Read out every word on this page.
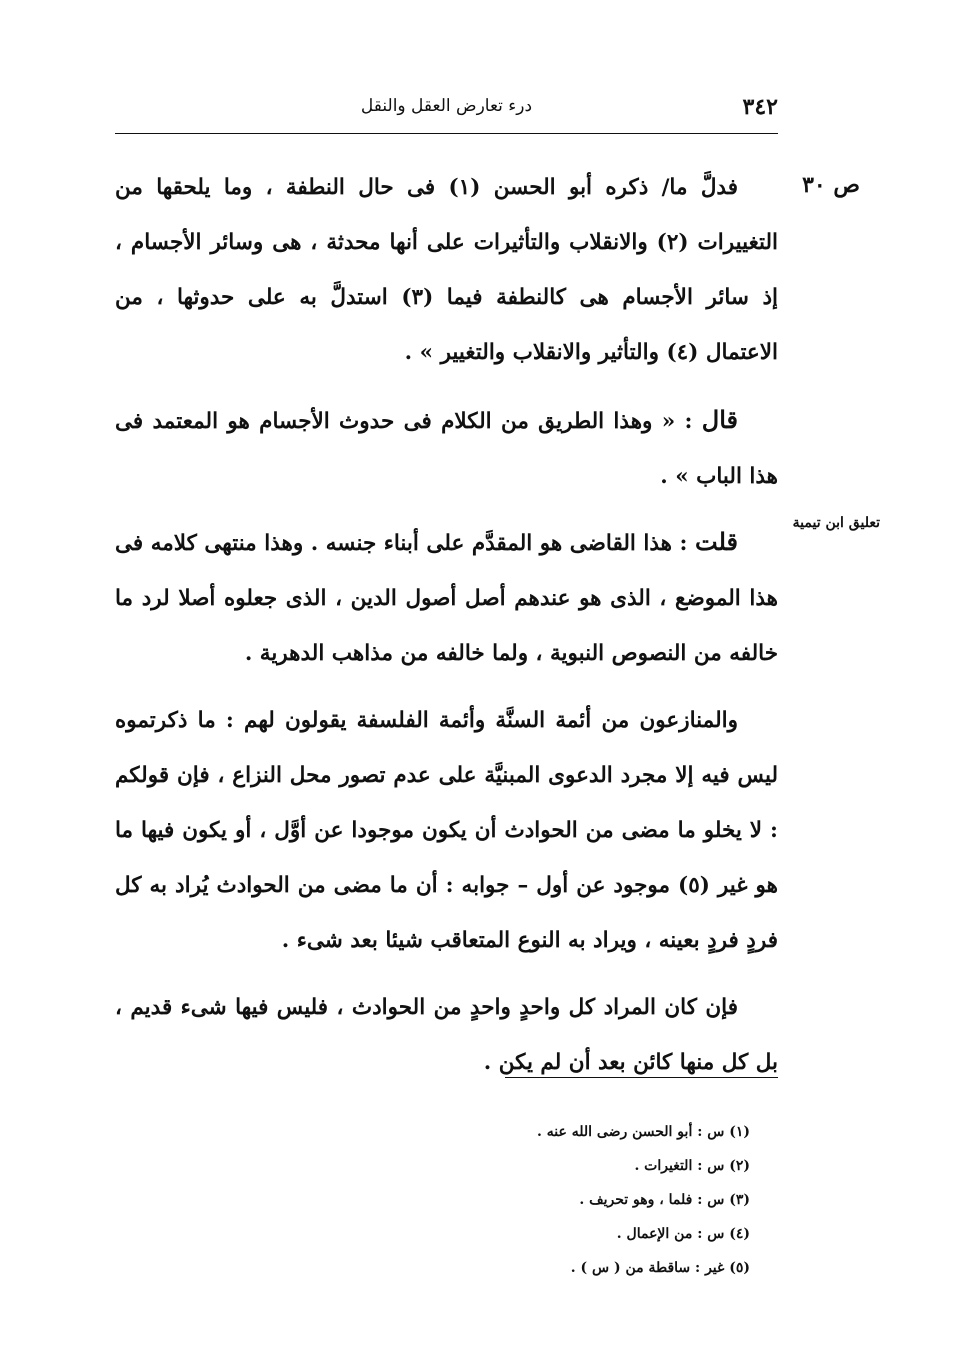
٣٤٢
درء تعارض العقل والنقل
ص ٣٠
تعليق ابن تيمية

فدلَّ ما/ ذكره أبو الحسن (١) فى حال النطفة ، وما يلحقها من التغييرات (٢) والانقلاب والتأثيرات على أنها محدثة ، هى وسائر الأجسام ، إذ سائر الأجسام هى كالنطفة فيما (٣) استدلَّ به على حدوثها ، من الاعتمال (٤) والتأثير والانقلاب والتغيير » .

قال : « وهذا الطريق من الكلام فى حدوث الأجسام هو المعتمد فى هذا الباب » .

قلت : هذا القاضى هو المقدَّم على أبناء جنسه . وهذا منتهى كلامه فى هذا الموضع ، الذى هو عندهم أصل أصول الدين ، الذى جعلوه أصلا لرد ما خالفه من النصوص النبوية ، ولما خالفه من مذاهب الدهرية .

والمنازعون من أئمة السنَّة وأئمة الفلسفة يقولون لهم : ما ذكرتموه ليس فيه إلا مجرد الدعوى المبنيَّة على عدم تصور محل النزاع ، فإن قولكم : لا يخلو ما مضى من الحوادث أن يكون موجودا عن أوَّل ، أو يكون فيها ما هو غير (٥) موجود عن أول – جوابه : أن ما مضى من الحوادث يُراد به كل فردٍ فردٍ بعينه ، ويراد به النوع المتعاقب شيئا بعد شىء .

فإن كان المراد كل واحدٍ واحدٍ من الحوادث ، فليس فيها شىء قديم ، بل كل منها كائن بعد أن لم يكن .

(١) س : أبو الحسن رضى الله عنه .

(٢) س : التغيرات .

(٣) س : فلما ، وهو تحريف .

(٤) س : من الإعمال .

(٥) غير : ساقطة من ( س ) .
